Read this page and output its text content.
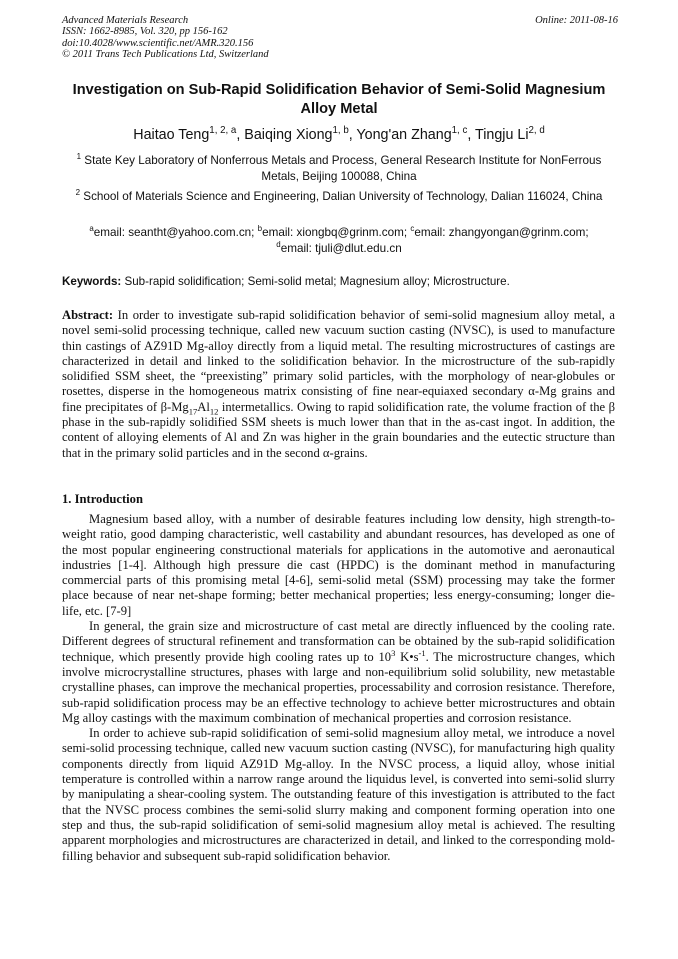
Advanced Materials Research
ISSN: 1662-8985, Vol. 320, pp 156-162
doi:10.4028/www.scientific.net/AMR.320.156
© 2011 Trans Tech Publications Ltd, Switzerland
Online: 2011-08-16
Investigation on Sub-Rapid Solidification Behavior of Semi-Solid Magnesium Alloy Metal
Haitao Teng$^{1, 2, a}$, Baiqing Xiong$^{1, b}$, Yong'an Zhang$^{1, c}$, Tingju Li$^{2, d}$
$^1$ State Key Laboratory of Nonferrous Metals and Process, General Research Institute for NonFerrous Metals, Beijing 100088, China
$^2$ School of Materials Science and Engineering, Dalian University of Technology, Dalian 116024, China
$^a$email: seantht@yahoo.com.cn; $^b$email: xiongbq@grinm.com; $^c$email: zhangyongan@grinm.com;
$^d$email: tjuli@dlut.edu.cn
Keywords: Sub-rapid solidification; Semi-solid metal; Magnesium alloy; Microstructure.
Abstract: In order to investigate sub-rapid solidification behavior of semi-solid magnesium alloy metal, a novel semi-solid processing technique, called new vacuum suction casting (NVSC), is used to manufacture thin castings of AZ91D Mg-alloy directly from a liquid metal. The resulting microstructures of castings are characterized in detail and linked to the solidification behavior. In the microstructure of the sub-rapidly solidified SSM sheet, the “preexisting” primary solid particles, with the morphology of near-globules or rosettes, disperse in the homogeneous matrix consisting of fine near-equiaxed secondary α-Mg grains and fine precipitates of $\beta-Mg_{17}Al_{12}$ intermetallics. Owing to rapid solidification rate, the volume fraction of the β phase in the sub-rapidly solidified SSM sheets is much lower than that in the as-cast ingot. In addition, the content of alloying elements of Al and Zn was higher in the grain boundaries and the eutectic structure than that in the primary solid particles and in the second α-grains.
1. Introduction

Magnesium based alloy, with a number of desirable features including low density, high strength-to-weight ratio, good damping characteristic, well castability and abundant resources, has developed as one of the most popular engineering constructional materials for applications in the automotive and aeronautical industries [1-4]. Although high pressure die cast (HPDC) is the dominant method in manufacturing commercial parts of this promising metal [4-6], semi-solid metal (SSM) processing may take the former place because of near net-shape forming; better mechanical properties; less energy-consuming; longer die-life, etc. [7-9]

In general, the grain size and microstructure of cast metal are directly influenced by the cooling rate. Different degrees of structural refinement and transformation can be obtained by the sub-rapid solidification technique, which presently provide high cooling rates up to $10^3$ $K•s^{-1}$. The microstructure changes, which involve microcrystalline structures, phases with large and non-equilibrium solid solubility, new metastable crystalline phases, can improve the mechanical properties, processability and corrosion resistance. Therefore, sub-rapid solidification process may be an effective technology to achieve better microstructures and obtain Mg alloy castings with the maximum combination of mechanical properties and corrosion resistance.

In order to achieve sub-rapid solidification of semi-solid magnesium alloy metal, we introduce a novel semi-solid processing technique, called new vacuum suction casting (NVSC), for manufacturing high quality components directly from liquid AZ91D Mg-alloy. In the NVSC process, a liquid alloy, whose initial temperature is controlled within a narrow range around the liquidus level, is converted into semi-solid slurry by manipulating a shear-cooling system. The outstanding feature of this investigation is attributed to the fact that the NVSC process combines the semi-solid slurry making and component forming operation into one step and thus, the sub-rapid solidification of semi-solid magnesium alloy metal is achieved. The resulting apparent morphologies and microstructures are characterized in detail, and linked to the corresponding mold-filling behavior and subsequent sub-rapid solidification behavior.
